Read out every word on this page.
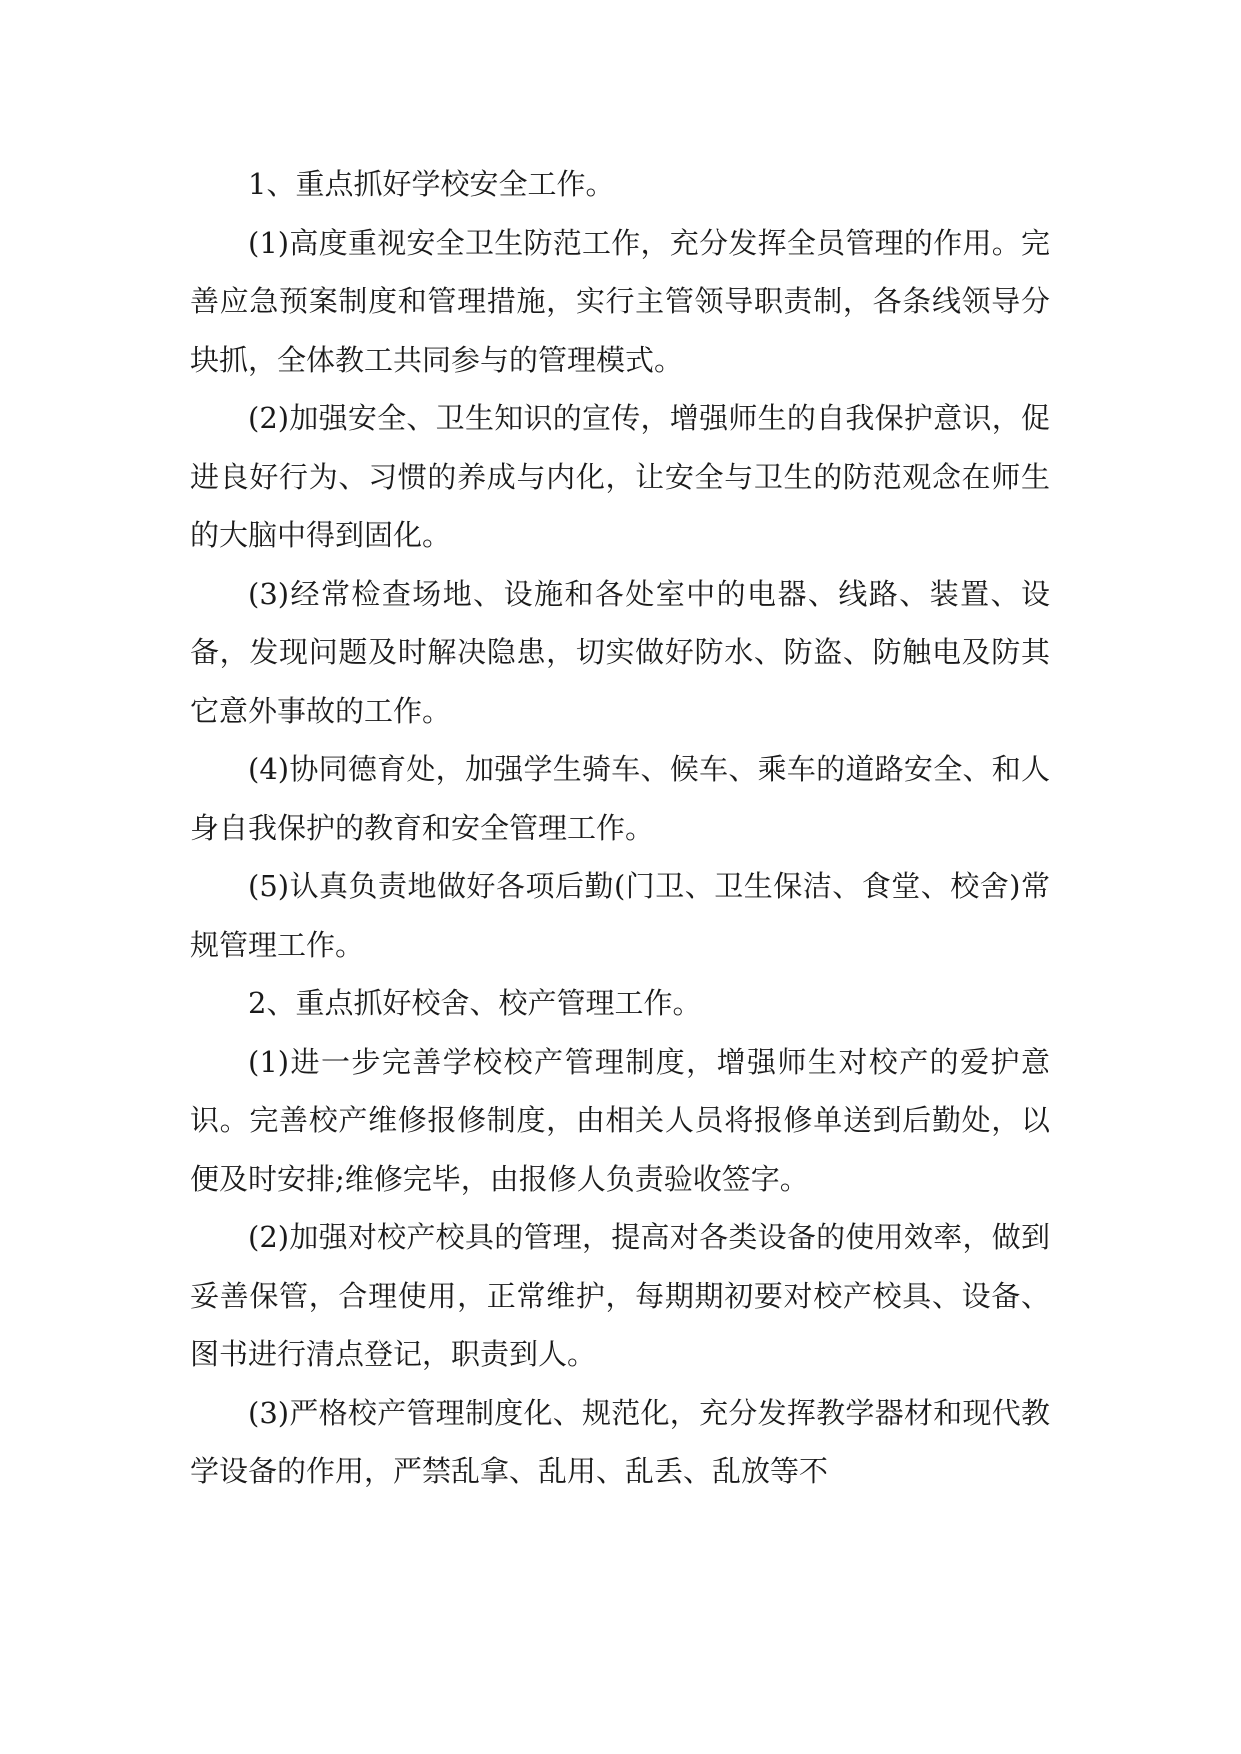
1、重点抓好学校安全工作。

(1)高度重视安全卫生防范工作，充分发挥全员管理的作用。完善应急预案制度和管理措施，实行主管领导职责制，各条线领导分块抓，全体教工共同参与的管理模式。

(2)加强安全、卫生知识的宣传，增强师生的自我保护意识，促进良好行为、习惯的养成与内化，让安全与卫生的防范观念在师生的大脑中得到固化。

(3)经常检查场地、设施和各处室中的电器、线路、装置、设备，发现问题及时解决隐患，切实做好防水、防盗、防触电及防其它意外事故的工作。

(4)协同德育处，加强学生骑车、候车、乘车的道路安全、和人身自我保护的教育和安全管理工作。

(5)认真负责地做好各项后勤(门卫、卫生保洁、食堂、校舍)常规管理工作。

2、重点抓好校舍、校产管理工作。

(1)进一步完善学校校产管理制度，增强师生对校产的爱护意识。完善校产维修报修制度，由相关人员将报修单送到后勤处，以便及时安排;维修完毕，由报修人负责验收签字。

(2)加强对校产校具的管理，提高对各类设备的使用效率，做到妥善保管，合理使用，正常维护，每期期初要对校产校具、设备、图书进行清点登记，职责到人。

(3)严格校产管理制度化、规范化，充分发挥教学器材和现代教学设备的作用，严禁乱拿、乱用、乱丢、乱放等不
